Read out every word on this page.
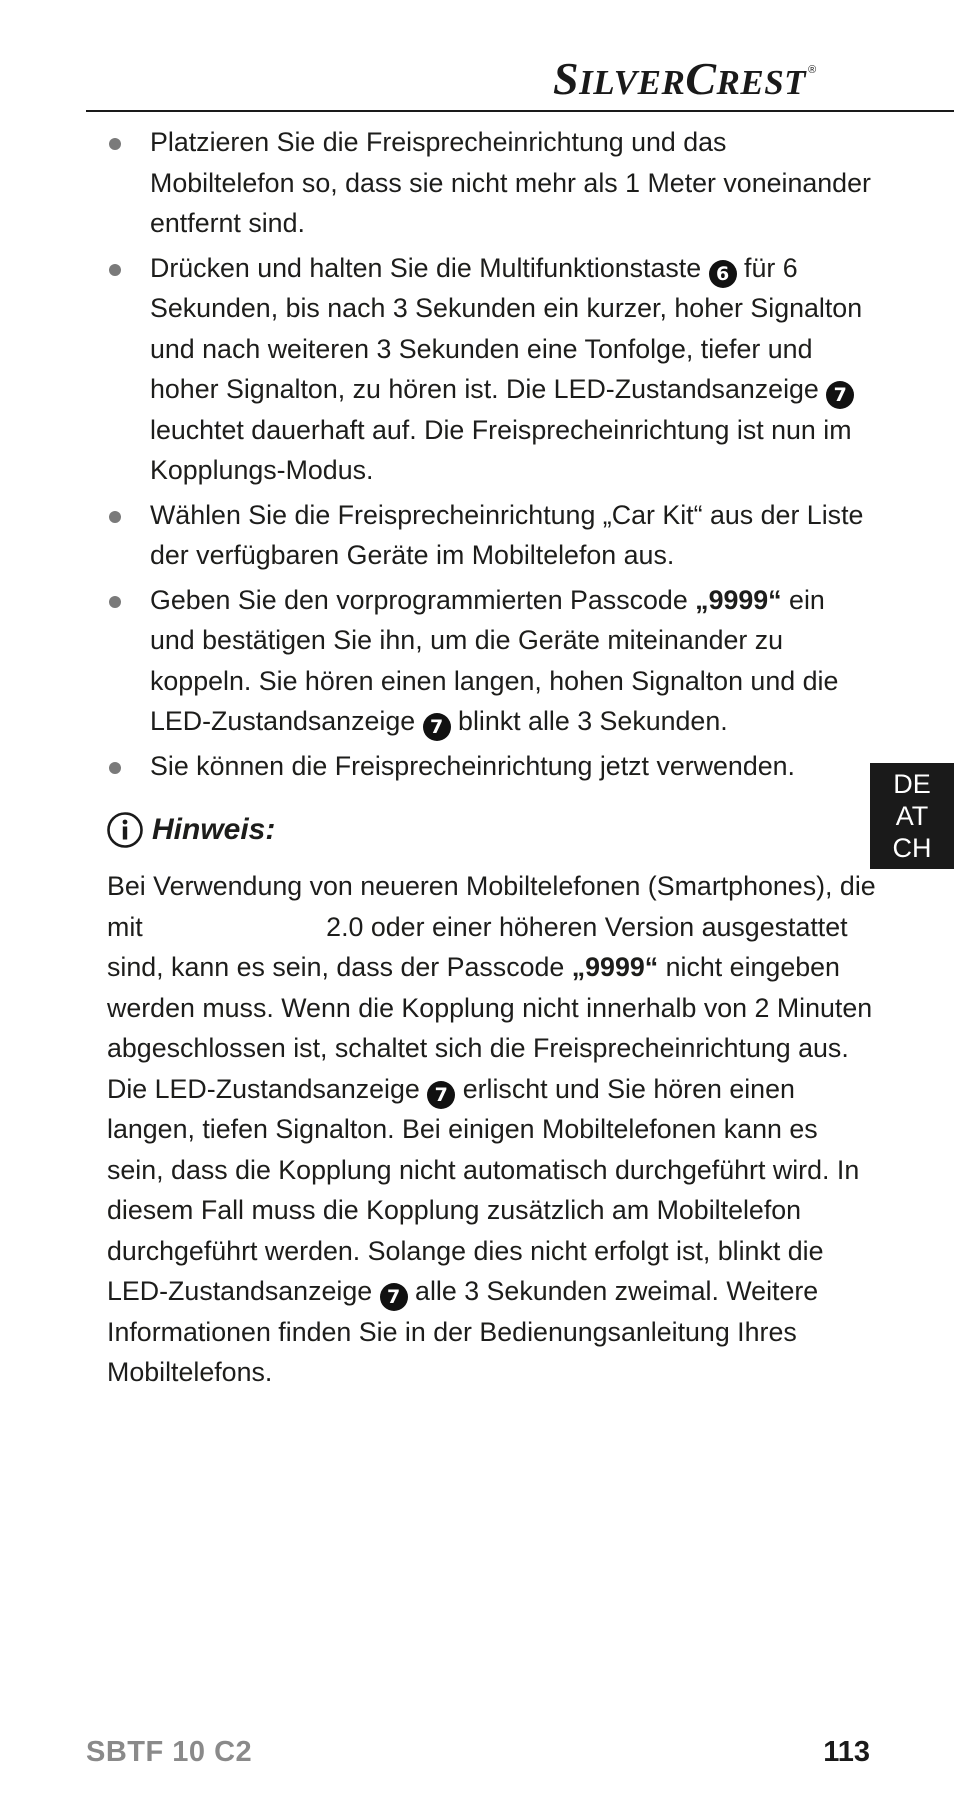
SILVERCREST ®
Platzieren Sie die Freisprecheinrichtung und das Mobiltelefon so, dass sie nicht mehr als 1 Meter voneinander entfernt sind.
Drücken und halten Sie die Multifunktionstaste 6 für 6 Sekunden, bis nach 3 Sekunden ein kurzer, hoher Signalton und nach weiteren 3 Sekunden eine Tonfolge, tiefer und hoher Signalton, zu hören ist. Die LED-Zustandsanzeige 7 leuchtet dauerhaft auf. Die Freisprecheinrichtung ist nun im Kopplungs-Modus.
Wählen Sie die Freisprecheinrichtung „Car Kit“ aus der Liste der verfügbaren Geräte im Mobiltelefon aus.
Geben Sie den vorprogrammierten Passcode „9999“ ein und bestätigen Sie ihn, um die Geräte miteinander zu koppeln. Sie hören einen langen, hohen Signalton und die LED-Zustandsanzeige 7 blinkt alle 3 Sekunden.
Sie können die Freisprecheinrichtung jetzt verwenden.
Hinweis:

Bei Verwendung von neueren Mobiltelefonen (Smartphones), die mit	2.0 oder einer höheren Version ausgestattet sind, kann es sein, dass der Passcode „9999“ nicht eingeben werden muss. Wenn die Kopplung nicht innerhalb von 2 Minuten abgeschlossen ist, schaltet sich die Freisprecheinrichtung aus. Die LED-Zustandsanzeige 7 erlischt und Sie hören einen langen, tiefen Signalton. Bei einigen Mobiltelefonen kann es sein, dass die Kopplung nicht automatisch durchgeführt wird. In diesem Fall muss die Kopplung zusätzlich am Mobiltelefon durchgeführt werden. Solange dies nicht erfolgt ist, blinkt die LED-Zustandsanzeige 7 alle 3 Sekunden zweimal. Weitere Informationen finden Sie in der Bedienungsanleitung Ihres Mobiltelefons.

DE
AT
CH
SBTF 10 C2	113
